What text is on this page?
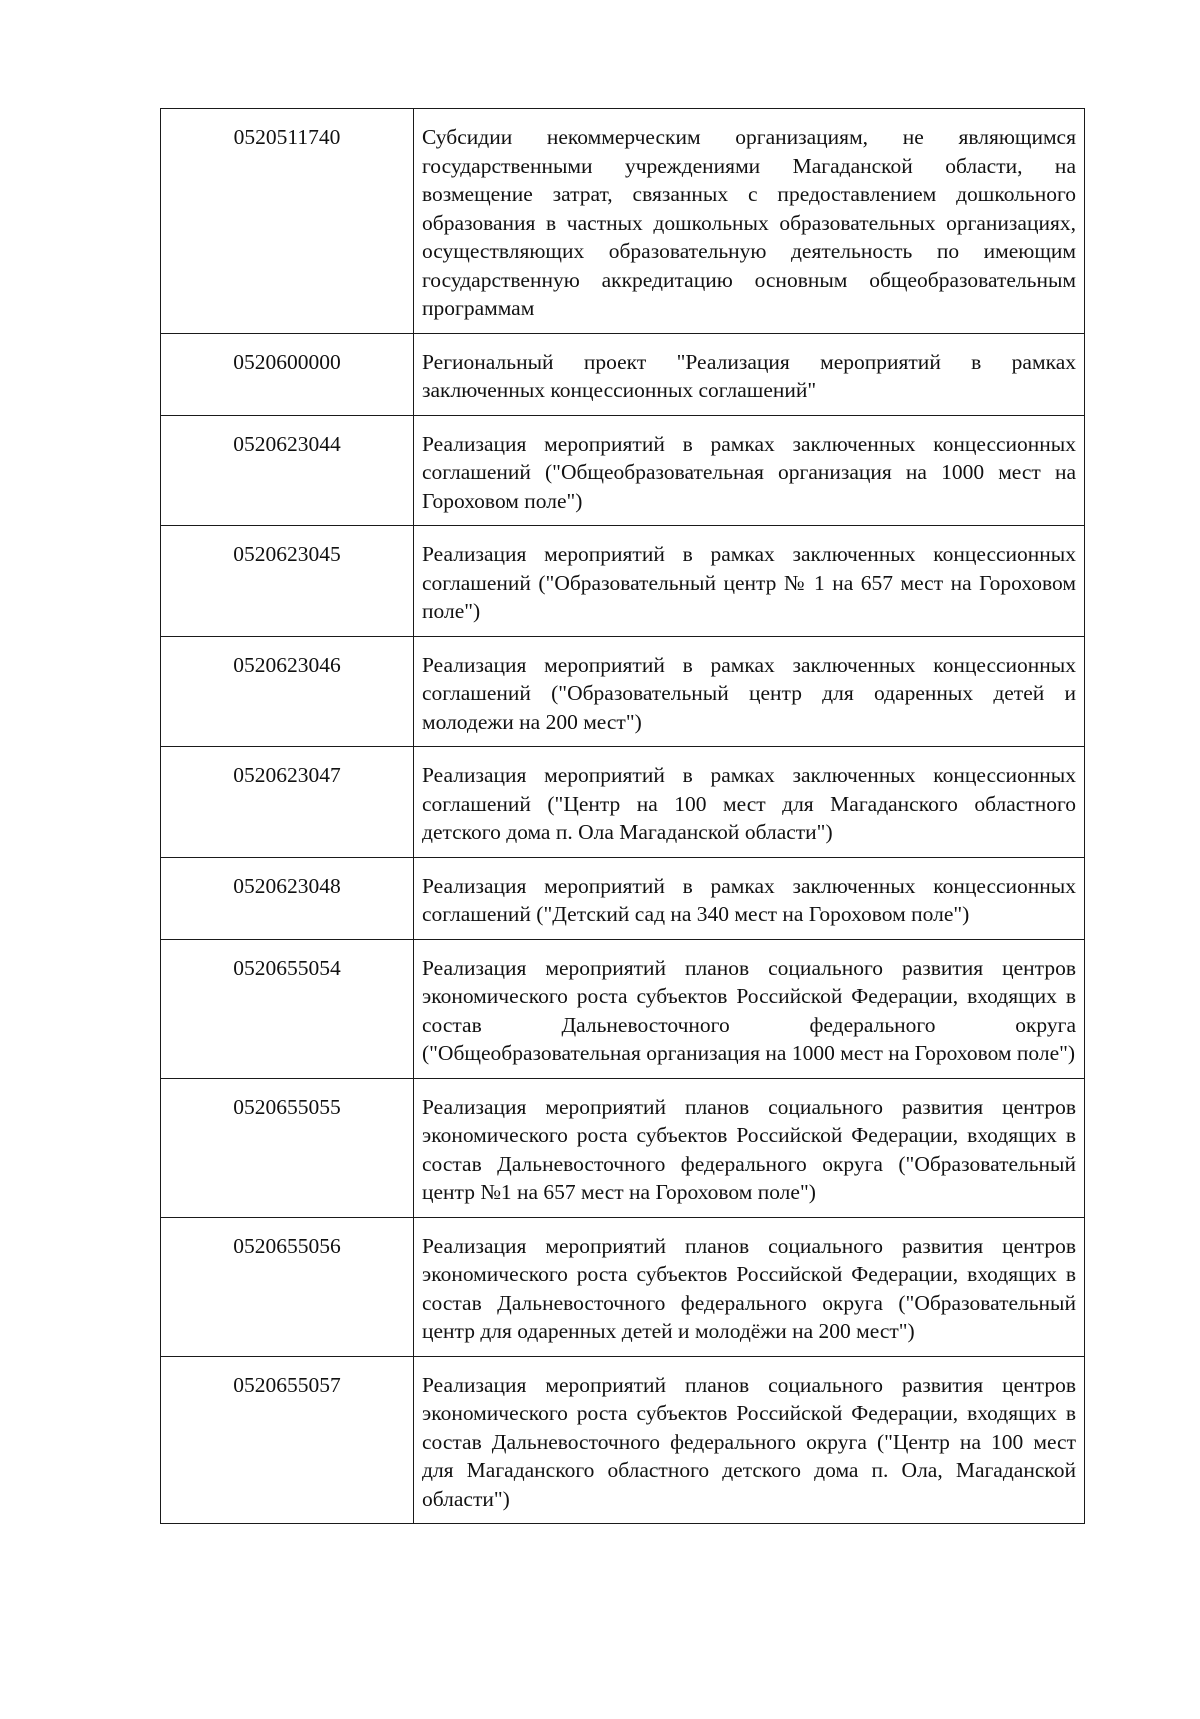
0520511740	Субсидии некоммерческим организациям, не являющимся государственными учреждениями Магаданской области, на возмещение затрат, связанных с предоставлением дошкольного образования в частных дошкольных образовательных организациях, осуществляющих образовательную деятельность по имеющим государственную аккредитацию основным общеобразовательным программам
0520600000	Региональный проект "Реализация мероприятий в рамках заключенных концессионных соглашений"
0520623044	Реализация мероприятий в рамках заключенных концессионных соглашений ("Общеобразовательная организация на 1000 мест на Гороховом поле")
0520623045	Реализация мероприятий в рамках заключенных концессионных соглашений ("Образовательный центр № 1 на 657 мест на Гороховом поле")
0520623046	Реализация мероприятий в рамках заключенных концессионных соглашений ("Образовательный центр для одаренных детей и молодежи на 200 мест")
0520623047	Реализация мероприятий в рамках заключенных концессионных соглашений ("Центр на 100 мест для Магаданского областного детского дома п. Ола Магаданской области")
0520623048	Реализация мероприятий в рамках заключенных концессионных соглашений ("Детский сад на 340 мест на Гороховом поле")
0520655054	Реализация мероприятий планов социального развития центров экономического роста субъектов Российской Федерации, входящих в состав Дальневосточного федерального округа ("Общеобразовательная организация на 1000 мест на Гороховом поле")
0520655055	Реализация мероприятий планов социального развития центров экономического роста субъектов Российской Федерации, входящих в состав Дальневосточного федерального округа ("Образовательный центр №1 на 657 мест на Гороховом поле")
0520655056	Реализация мероприятий планов социального развития центров экономического роста субъектов Российской Федерации, входящих в состав Дальневосточного федерального округа ("Образовательный центр для одаренных детей и молодёжи на 200 мест")
0520655057	Реализация мероприятий планов социального развития центров экономического роста субъектов Российской Федерации, входящих в состав Дальневосточного федерального округа ("Центр на 100 мест для Магаданского областного детского дома п. Ола, Магаданской области")
